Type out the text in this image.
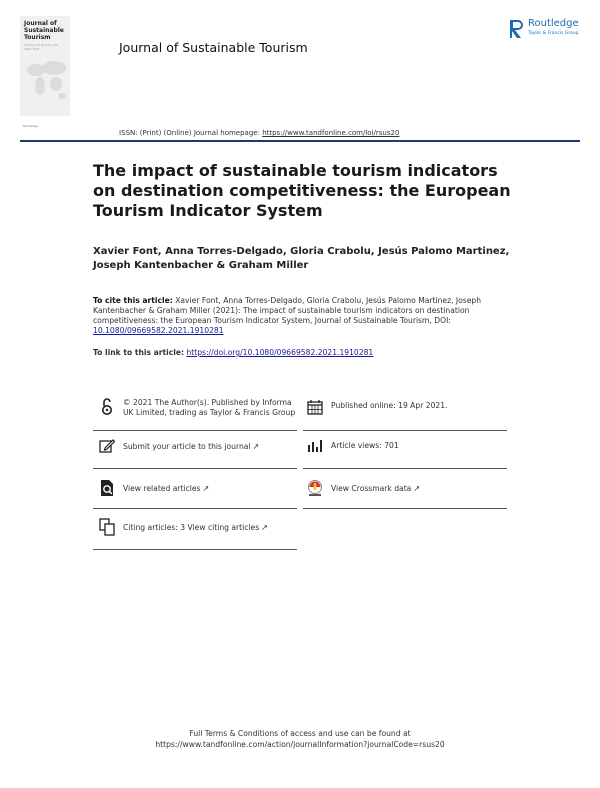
Journal of Sustainable Tourism
Volume 00 Number 00 2021 Print
Routledge
Journal of Sustainable Tourism
Routledge
Taylor & Francis Group
ISSN: (Print) (Online) Journal homepage: https://www.tandfonline.com/loi/rsus20
The impact of sustainable tourism indicators on destination competitiveness: the European Tourism Indicator System
Xavier Font, Anna Torres-Delgado, Gloria Crabolu, Jesús Palomo Martinez, Joseph Kantenbacher & Graham Miller
To cite this article: Xavier Font, Anna Torres-Delgado, Gloria Crabolu, Jesús Palomo Martinez, Joseph Kantenbacher & Graham Miller (2021): The impact of sustainable tourism indicators on destination competitiveness: the European Tourism Indicator System, Journal of Sustainable Tourism, DOI: 10.1080/09669582.2021.1910281
To link to this article: https://doi.org/10.1080/09669582.2021.1910281
© 2021 The Author(s). Published by Informa UK Limited, trading as Taylor & Francis Group
Published online: 19 Apr 2021.
Submit your article to this journal ↗	Article views: 701
View related articles ↗	View Crossmark data ↗
Citing articles: 3 View citing articles ↗
Full Terms & Conditions of access and use can be found at
https://www.tandfonline.com/action/journalInformation?journalCode=rsus20
